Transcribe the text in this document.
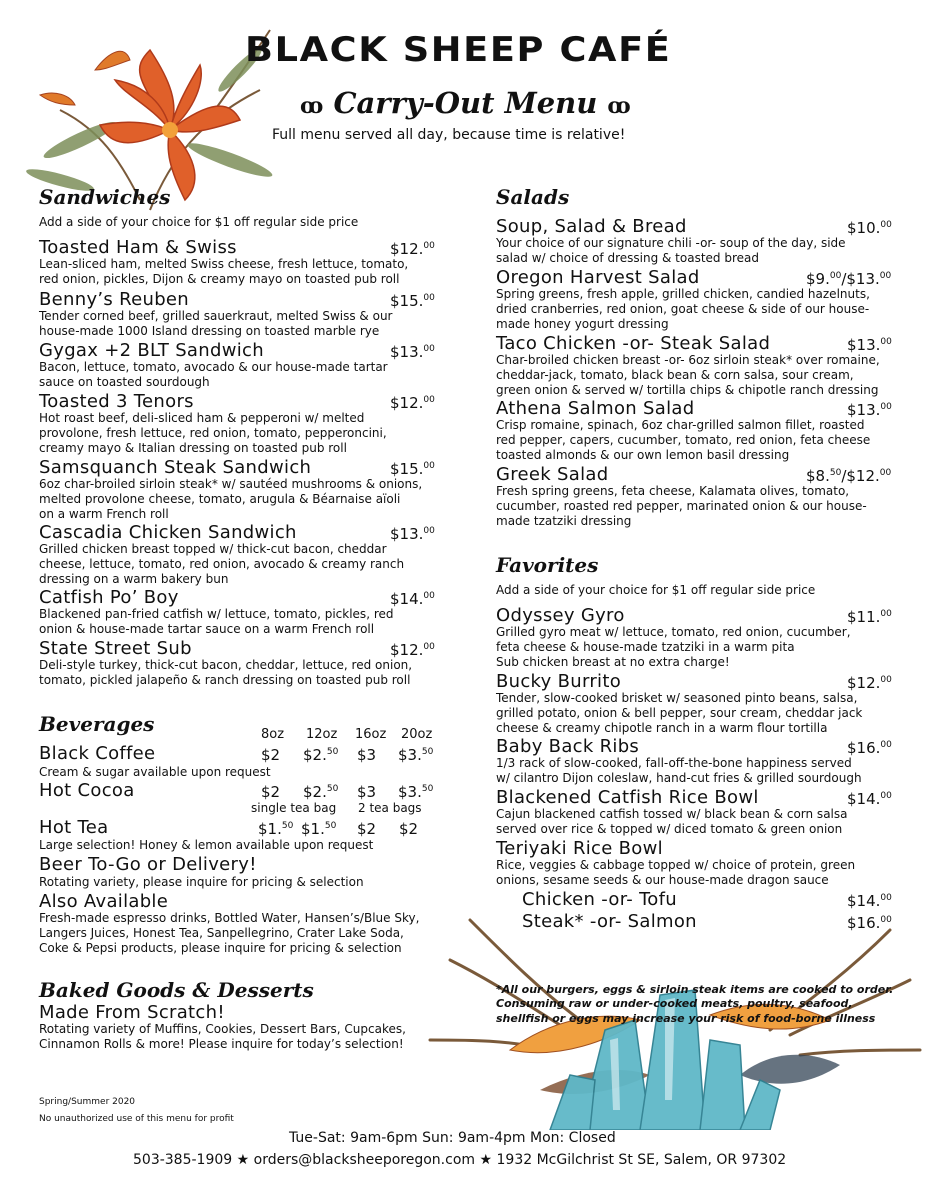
BLACK SHEEP CAFÉ
ꝏ Carry-Out Menu ꝏ
Full menu served all day, because time is relative!
Sandwiches
Add a side of your choice for $1 off regular side price
Toasted Ham & Swiss	$12.00
Lean-sliced ham, melted Swiss cheese, fresh lettuce, tomato,
red onion, pickles, Dijon & creamy mayo on toasted pub roll
Benny’s Reuben	$15.00
Tender corned beef, grilled sauerkraut, melted Swiss & our
house-made 1000 Island dressing on toasted marble rye
Gygax +2 BLT Sandwich	$13.00
Bacon, lettuce, tomato, avocado & our house-made tartar
sauce on toasted sourdough
Toasted 3 Tenors	$12.00
Hot roast beef, deli-sliced ham & pepperoni w/ melted
provolone, fresh lettuce, red onion, tomato, pepperoncini,
creamy mayo & Italian dressing on toasted pub roll
Samsquanch Steak Sandwich	$15.00
6oz char-broiled sirloin steak* w/ sautéed mushrooms & onions,
melted provolone cheese, tomato, arugula & Béarnaise aïoli
on a warm French roll
Cascadia Chicken Sandwich	$13.00
Grilled chicken breast topped w/ thick-cut bacon, cheddar
cheese, lettuce, tomato, red onion, avocado & creamy ranch
dressing on a warm bakery bun
Catfish Po’ Boy	$14.00
Blackened pan-fried catfish w/ lettuce, tomato, pickles, red
onion & house-made tartar sauce on a warm French roll
State Street Sub	$12.00
Deli-style turkey, thick-cut bacon, cheddar, lettuce, red onion,
tomato, pickled jalapeño & ranch dressing on toasted pub roll
Beverages	8oz 12oz 16oz 20oz
Black Coffee	$2 $2.50 $3 $3.50
Cream & sugar available upon request
Hot Cocoa	$2 $2.50 $3 $3.50
single tea bag 2 tea bags
Hot Tea	$1.50 $1.50 $2 $2
Large selection! Honey & lemon available upon request
Beer To-Go or Delivery!
Rotating variety, please inquire for pricing & selection
Also Available
Fresh-made espresso drinks, Bottled Water, Hansen’s/Blue Sky,
Langers Juices, Honest Tea, Sanpellegrino, Crater Lake Soda,
Coke & Pepsi products, please inquire for pricing & selection
Baked Goods & Desserts
Made From Scratch!
Rotating variety of Muffins, Cookies, Dessert Bars, Cupcakes,
Cinnamon Rolls & more! Please inquire for today’s selection!
Salads
Soup, Salad & Bread	$10.00
Your choice of our signature chili -or- soup of the day, side
salad w/ choice of dressing & toasted bread
Oregon Harvest Salad	$9.00/$13.00
Spring greens, fresh apple, grilled chicken, candied hazelnuts,
dried cranberries, red onion, goat cheese & side of our house-
made honey yogurt dressing
Taco Chicken -or- Steak Salad	$13.00
Char-broiled chicken breast -or- 6oz sirloin steak* over romaine,
cheddar-jack, tomato, black bean & corn salsa, sour cream,
green onion & served w/ tortilla chips & chipotle ranch dressing
Athena Salmon Salad	$13.00
Crisp romaine, spinach, 6oz char-grilled salmon fillet, roasted
red pepper, capers, cucumber, tomato, red onion, feta cheese
toasted almonds & our own lemon basil dressing
Greek Salad	$8.50/$12.00
Fresh spring greens, feta cheese, Kalamata olives, tomato,
cucumber, roasted red pepper, marinated onion & our house-
made tzatziki dressing
Favorites
Add a side of your choice for $1 off regular side price
Odyssey Gyro	$11.00
Grilled gyro meat w/ lettuce, tomato, red onion, cucumber,
feta cheese & house-made tzatziki in a warm pita
Sub chicken breast at no extra charge!
Bucky Burrito	$12.00
Tender, slow-cooked brisket w/ seasoned pinto beans, salsa,
grilled potato, onion & bell pepper, sour cream, cheddar jack
cheese & creamy chipotle ranch in a warm flour tortilla
Baby Back Ribs	$16.00
1/3 rack of slow-cooked, fall-off-the-bone happiness served
w/ cilantro Dijon coleslaw, hand-cut fries & grilled sourdough
Blackened Catfish Rice Bowl	$14.00
Cajun blackened catfish tossed w/ black bean & corn salsa
served over rice & topped w/ diced tomato & green onion
Teriyaki Rice Bowl
Rice, veggies & cabbage topped w/ choice of protein, green
onions, sesame seeds & our house-made dragon sauce
Chicken -or- Tofu	$14.00
Steak* -or- Salmon	$16.00
*All our burgers, eggs & sirloin steak items are cooked to order.
Consuming raw or under-cooked meats, poultry, seafood,
shellfish or eggs may increase your risk of food-borne illness
Spring/Summer 2020
No unauthorized use of this menu for profit
Tue-Sat: 9am-6pm Sun: 9am-4pm Mon: Closed
503-385-1909 ★ orders@blacksheeporegon.com ★ 1932 McGilchrist St SE, Salem, OR 97302
